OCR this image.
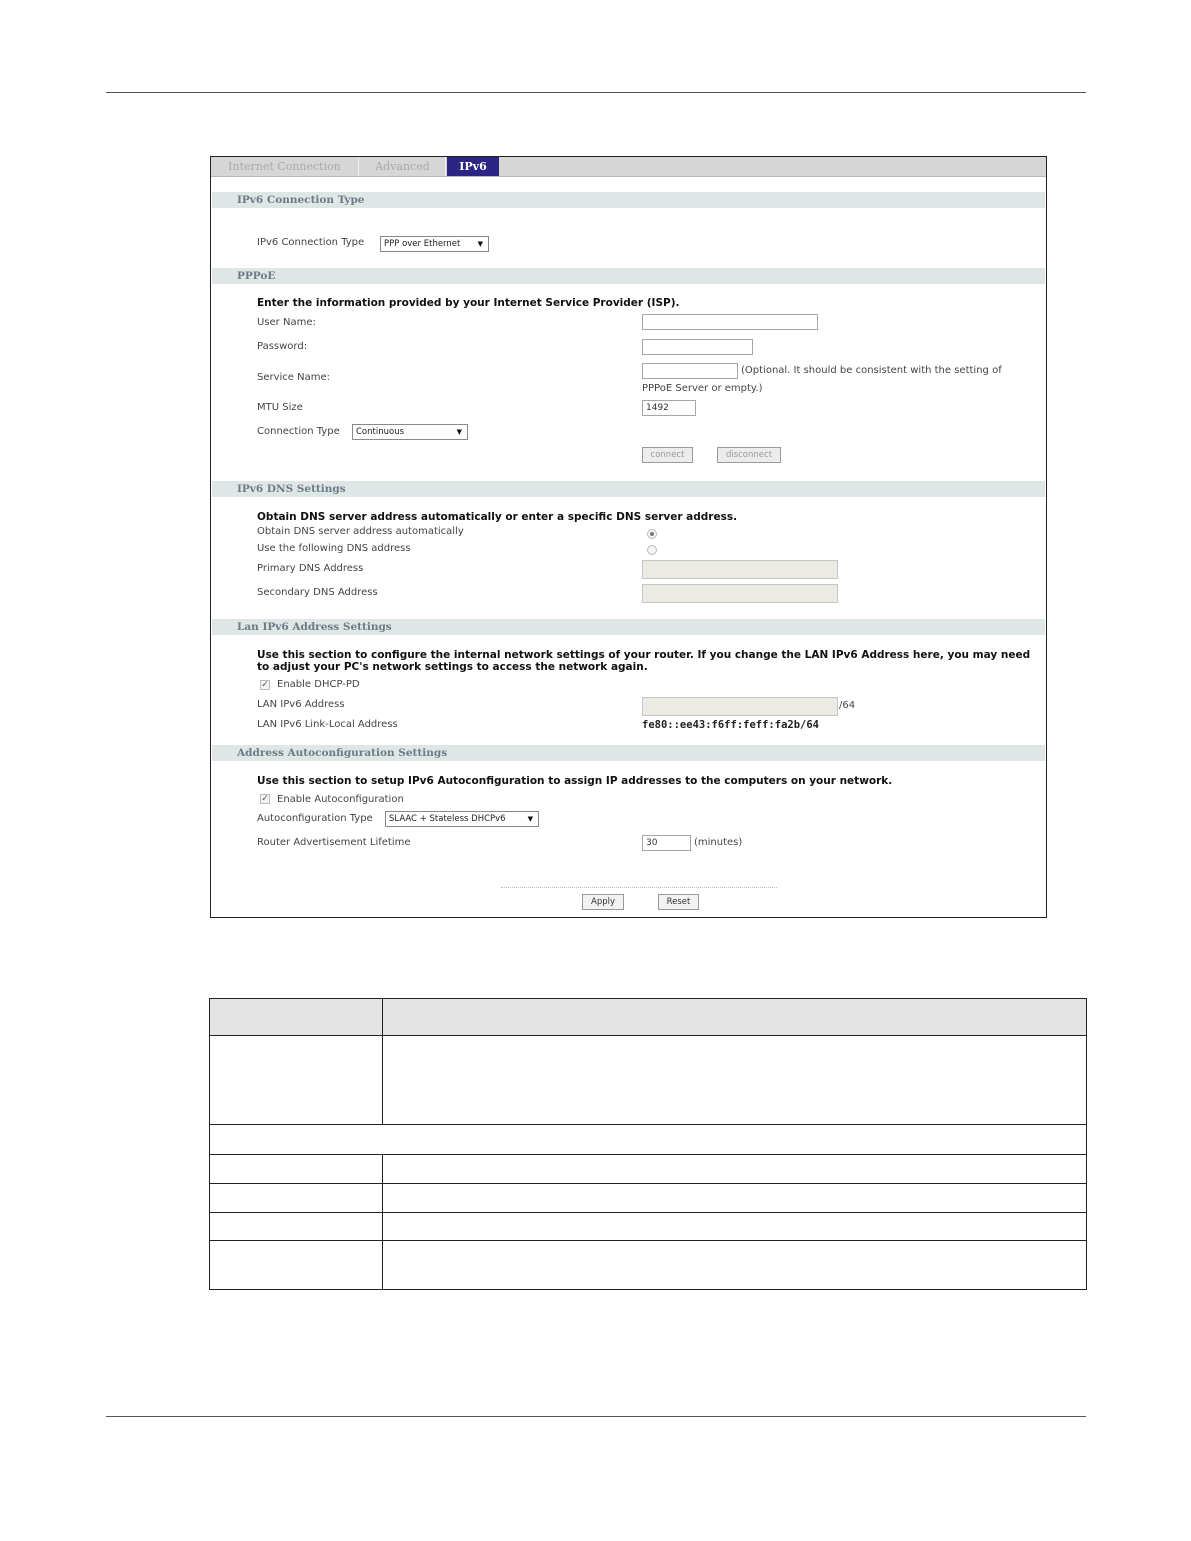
Internet Connection	Advanced	IPv6
IPv6 Connection Type
IPv6 Connection Type	PPP over Ethernet ▼
PPPoE
Enter the information provided by your Internet Service Provider (ISP).
User Name:
Password:
Service Name:
(Optional. It should be consistent with the setting of
PPPoE Server or empty.)
MTU Size	1492
Connection Type	Continuous	▼
connect	disconnect
IPv6 DNS Settings
Obtain DNS server address automatically or enter a specific DNS server address.
Obtain DNS server address automatically
Use the following DNS address
Primary DNS Address
Secondary DNS Address
Lan IPv6 Address Settings
Use this section to configure the internal network settings of your router. If you change the LAN IPv6 Address here, you may need to adjust your PC's network settings to access the network again.
✓ Enable DHCP-PD
LAN IPv6 Address	/64
LAN IPv6 Link-Local Address	fe80::ee43:f6ff:feff:fa2b/64
Address Autoconfiguration Settings
Use this section to setup IPv6 Autoconfiguration to assign IP addresses to the computers on your network.
✓ Enable Autoconfiguration
Autoconfiguration Type	SLAAC + Stateless DHCPv6	▼
Router Advertisement Lifetime	30	(minutes)
Apply	Reset
